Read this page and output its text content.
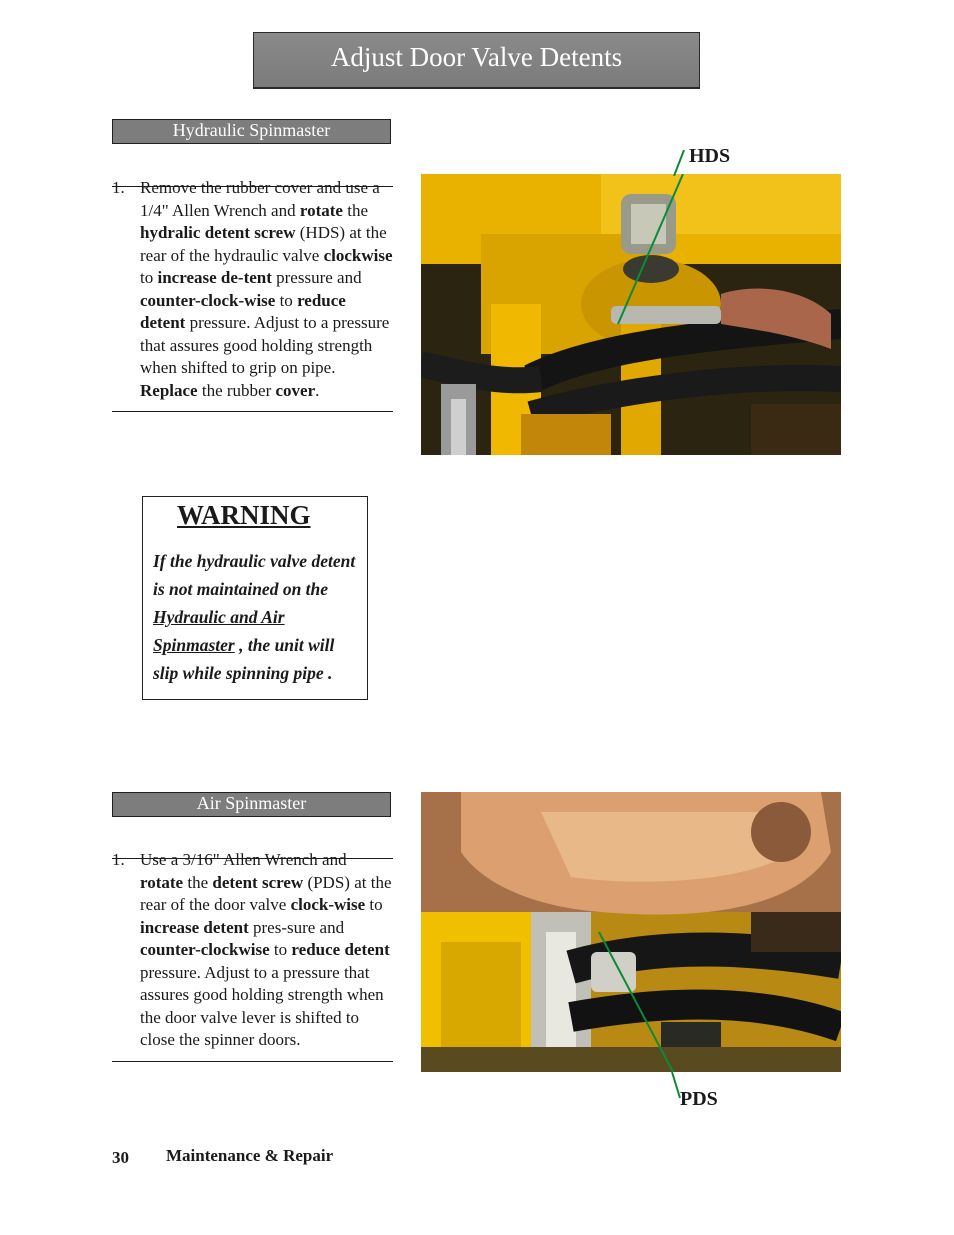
Adjust Door Valve Detents
Hydraulic Spinmaster

1. Remove the rubber cover and use a 1/4" Allen Wrench and rotate the hydralic detent screw (HDS) at the rear of the hydraulic valve clockwise to increase de-tent pressure and counter-clock-wise to reduce detent pressure. Adjust to a pressure that assures good holding strength when shifted to grip on pipe. Replace the rubber cover.

HDS
WARNING
If the hydraulic valve detent is not maintained on the Hydraulic and Air Spinmaster , the unit will slip while spinning pipe .
Air Spinmaster

1. Use a 3/16" Allen Wrench and rotate the detent screw (PDS) at the rear of the door valve clock-wise to increase detent pres-sure and counter-clockwise to reduce detent pressure. Adjust to a pressure that assures good holding strength when the door valve lever is shifted to close the spinner doors.

PDS
30 Maintenance & Repair
